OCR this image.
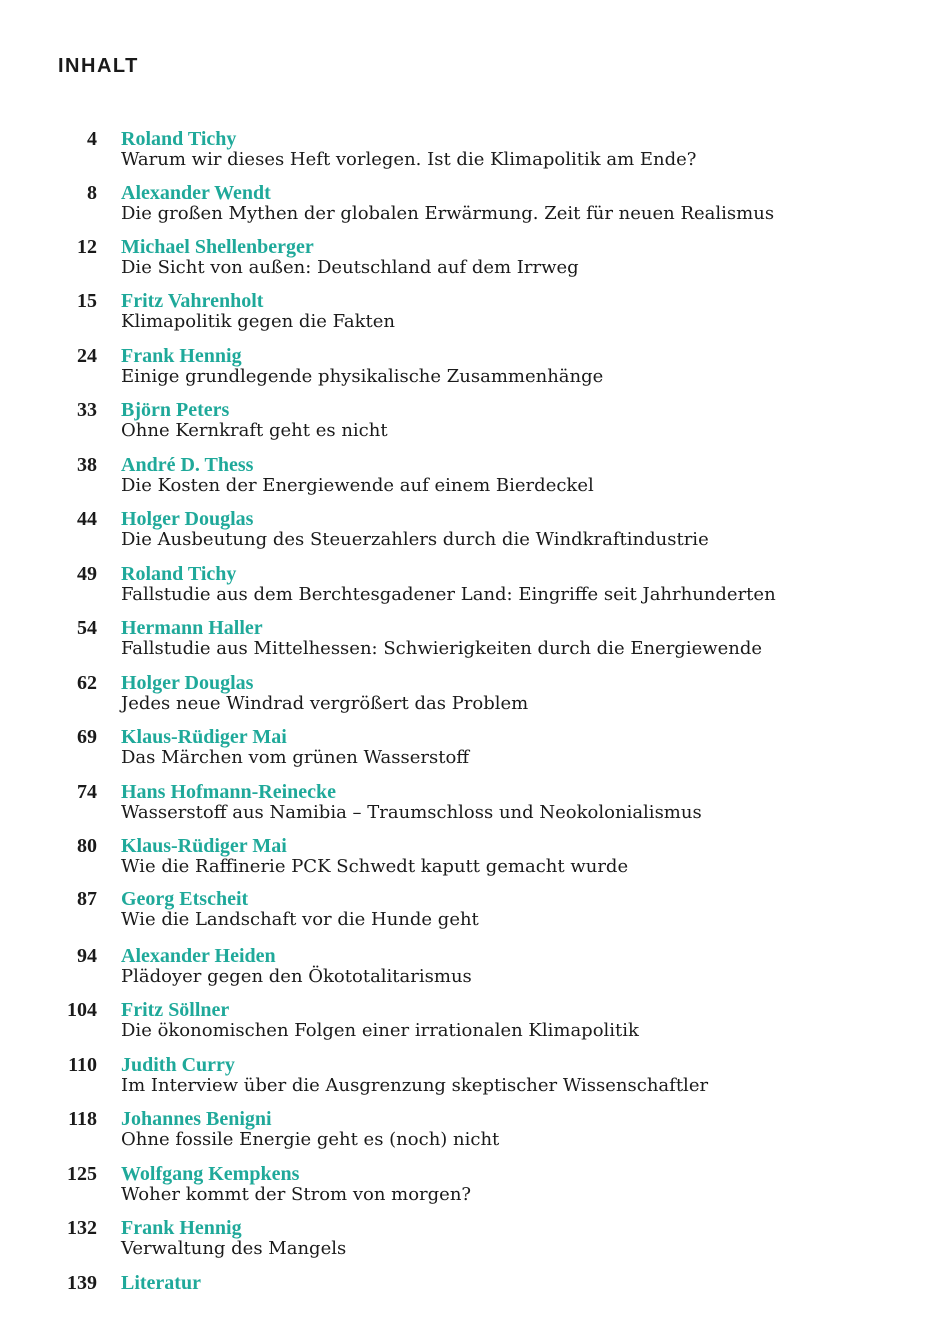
INHALT
4 Roland Tichy
Warum wir dieses Heft vorlegen. Ist die Klimapolitik am Ende?
8 Alexander Wendt
Die großen Mythen der globalen Erwärmung. Zeit für neuen Realismus
12 Michael Shellenberger
Die Sicht von außen: Deutschland auf dem Irrweg
15 Fritz Vahrenholt
Klimapolitik gegen die Fakten
24 Frank Hennig
Einige grundlegende physikalische Zusammenhänge
33 Björn Peters
Ohne Kernkraft geht es nicht
38 André D. Thess
Die Kosten der Energiewende auf einem Bierdeckel
44 Holger Douglas
Die Ausbeutung des Steuerzahlers durch die Windkraftindustrie
49 Roland Tichy
Fallstudie aus dem Berchtesgadener Land: Eingriffe seit Jahrhunderten
54 Hermann Haller
Fallstudie aus Mittelhessen: Schwierigkeiten durch die Energiewende
62 Holger Douglas
Jedes neue Windrad vergrößert das Problem
69 Klaus-Rüdiger Mai
Das Märchen vom grünen Wasserstoff
74 Hans Hofmann-Reinecke
Wasserstoff aus Namibia – Traumschloss und Neokolonialismus
80 Klaus-Rüdiger Mai
Wie die Raffinerie PCK Schwedt kaputt gemacht wurde
87 Georg Etscheit
Wie die Landschaft vor die Hunde geht
94 Alexander Heiden
Plädoyer gegen den Ökototalitarismus
104 Fritz Söllner
Die ökonomischen Folgen einer irrationalen Klimapolitik
110 Judith Curry
Im Interview über die Ausgrenzung skeptischer Wissenschaftler
118 Johannes Benigni
Ohne fossile Energie geht es (noch) nicht
125 Wolfgang Kempkens
Woher kommt der Strom von morgen?
132 Frank Hennig
Verwaltung des Mangels
139 Literatur
